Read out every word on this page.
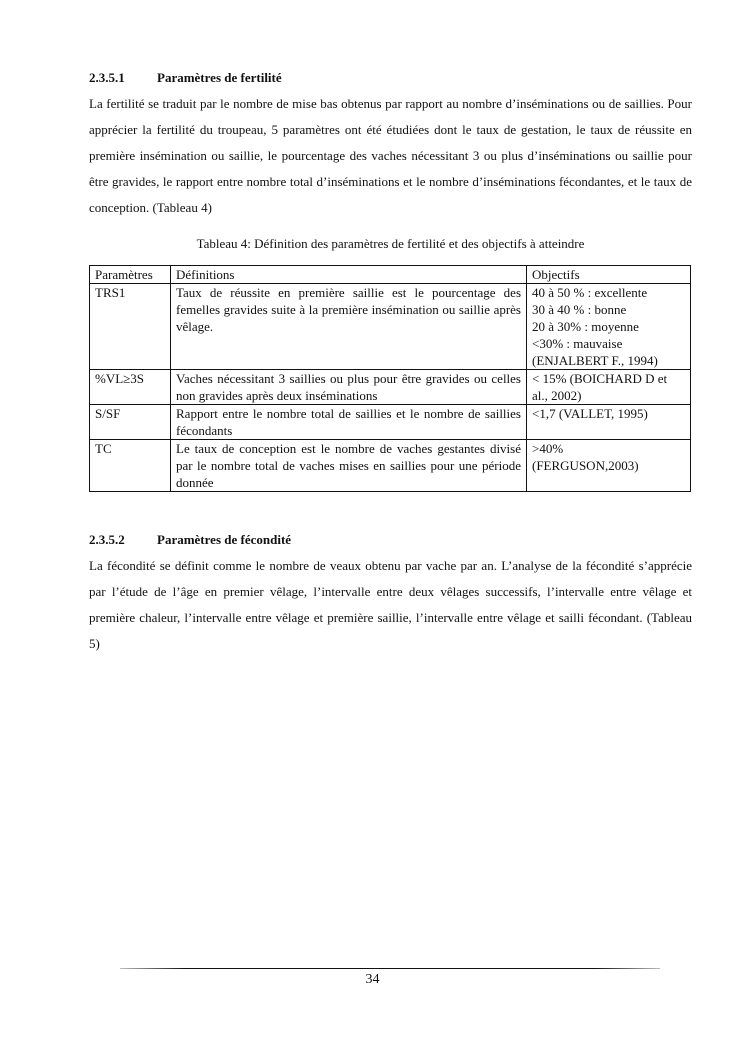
2.3.5.1 Paramètres de fertilité

La fertilité se traduit par le nombre de mise bas obtenus par rapport au nombre d’inséminations ou de saillies. Pour apprécier la fertilité du troupeau, 5 paramètres ont été étudiées dont le taux de gestation, le taux de réussite en première insémination ou saillie, le pourcentage des vaches nécessitant 3 ou plus d’inséminations ou saillie pour être gravides, le rapport entre nombre total d’inséminations et le nombre d’inséminations fécondantes, et le taux de conception. (Tableau 4)

Tableau 4: Définition des paramètres de fertilité et des objectifs à atteindre

Paramètres	Définitions	Objectifs
TRS1	Taux de réussite en première saillie est le pourcentage des femelles gravides suite à la première insémination ou saillie après vêlage.	40 à 50 % : excellente
30 à 40 % : bonne
20 à 30% : moyenne
<30% : mauvaise
(ENJALBERT F., 1994)

%VL≥3S	Vaches nécessitant 3 saillies ou plus pour être gravides ou celles non gravides après deux inséminations	< 15% (BOICHARD D et al., 2002)

S/SF	Rapport entre le nombre total de saillies et le nombre de saillies fécondants	<1,7 (VALLET, 1995)

TC	Le taux de conception est le nombre de vaches gestantes divisé par le nombre total de vaches mises en saillies pour une période donnée	>40%
(FERGUSON,2003)
2.3.5.2 Paramètres de fécondité

La fécondité se définit comme le nombre de veaux obtenu par vache par an. L’analyse de la fécondité s’apprécie par l’étude de l’âge en premier vêlage, l’intervalle entre deux vêlages successifs, l’intervalle entre vêlage et première chaleur, l’intervalle entre vêlage et première saillie, l’intervalle entre vêlage et sailli fécondant. (Tableau 5)

34
